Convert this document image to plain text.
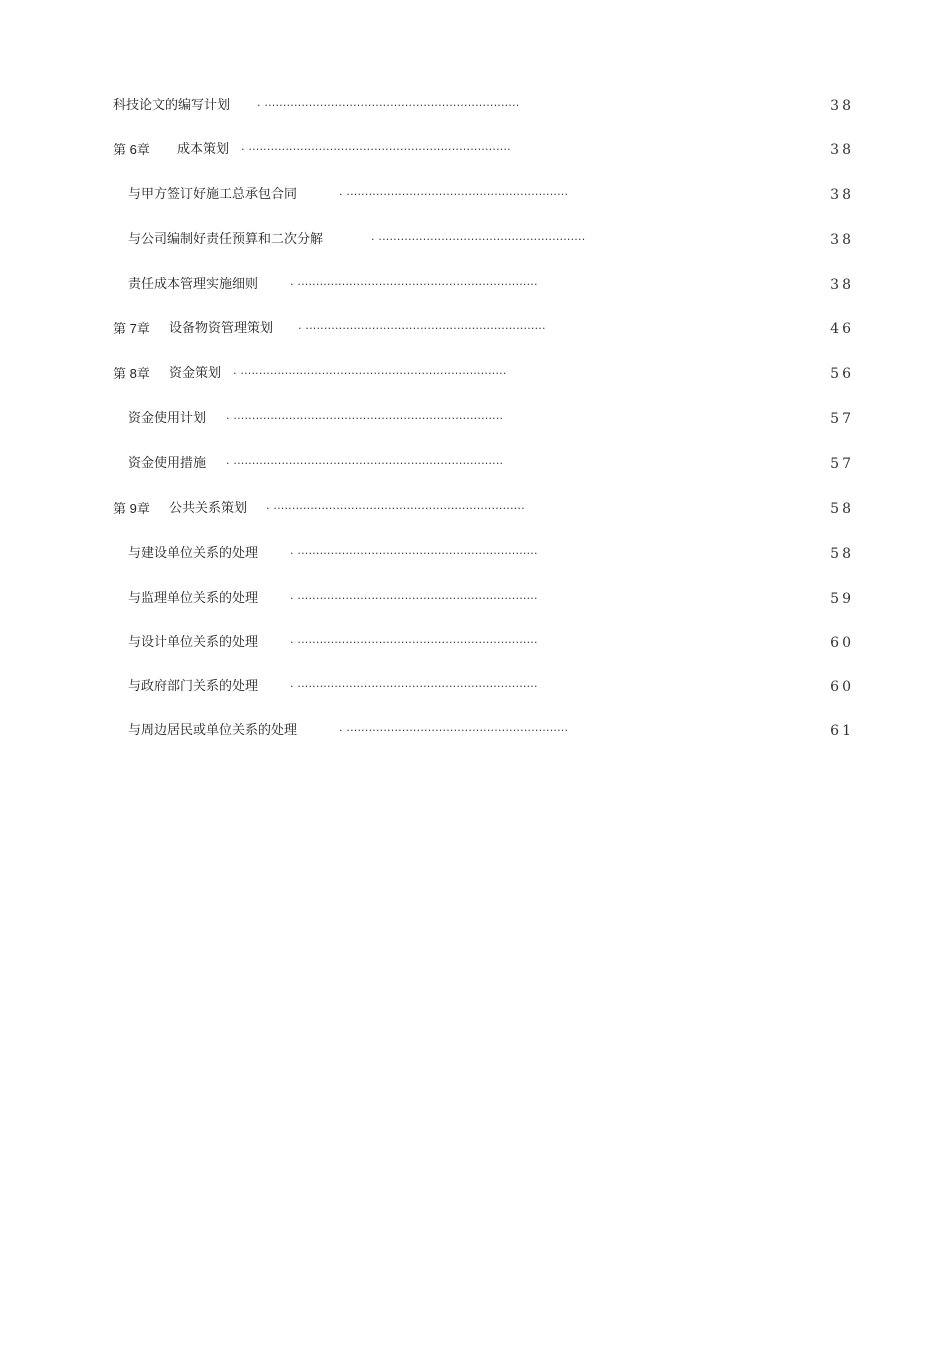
科技论文的编写计划 . .....................................................................	38
第 6章 成本策划 . .......................................................................	38
与甲方签订好施工总承包合同	. ............................................................	38
与公司编制好责任预算和二次分解	. ........................................................	38
责任成本管理实施细则	. .................................................................	38
第 7章 设备物资管理策划 . .................................................................	46
第 8章 资金策划 . ........................................................................	56
资金使用计划 . .........................................................................	57
资金使用措施 . .........................................................................	57
第 9章 公共关系策划 . ....................................................................	58
与建设单位关系的处理	. .................................................................	58
与监理单位关系的处理	. .................................................................	59
与设计单位关系的处理	. .................................................................	60
与政府部门关系的处理	. .................................................................	60
与周边居民或单位关系的处理	. ............................................................	61
